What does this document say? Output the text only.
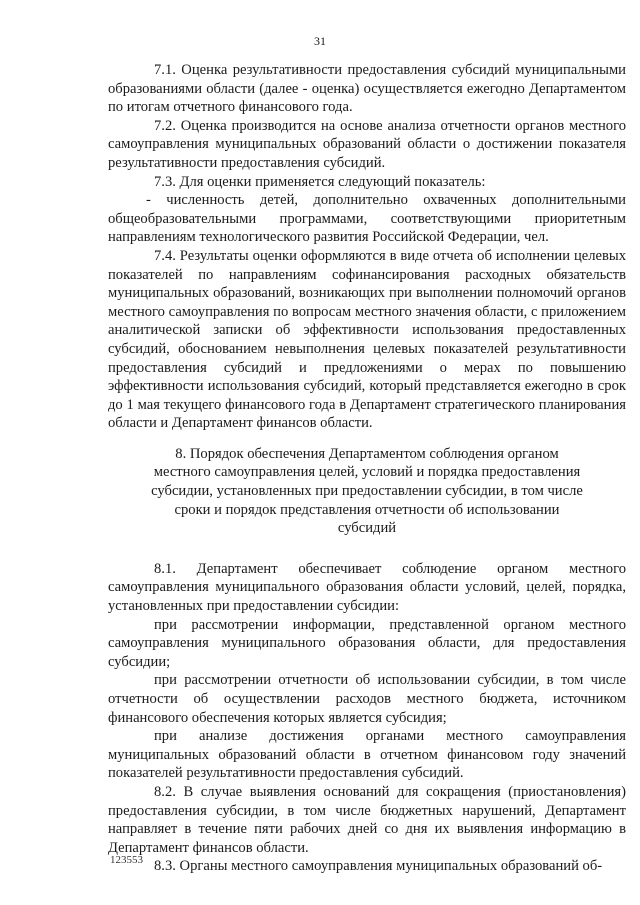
31

7.1. Оценка результативности предоставления субсидий муниципальными образованиями области (далее - оценка) осуществляется ежегодно Департаментом по итогам отчетного финансового года.

7.2. Оценка производится на основе анализа отчетности органов местного самоуправления муниципальных образований области о достижении показателя результативности предоставления субсидий.

7.3. Для оценки применяется следующий показатель:

- численность детей, дополнительно охваченных дополнительными общеобразовательными программами, соответствующими приоритетным направлениям технологического развития Российской Федерации, чел.

7.4. Результаты оценки оформляются в виде отчета об исполнении целевых показателей по направлениям софинансирования расходных обязательств муниципальных образований, возникающих при выполнении полномочий органов местного самоуправления по вопросам местного значения области, с приложением аналитической записки об эффективности использования предоставленных субсидий, обоснованием невыполнения целевых показателей результативности предоставления субсидий и предложениями о мерах по повышению эффективности использования субсидий, который представляется ежегодно в срок до 1 мая текущего финансового года в Департамент стратегического планирования области и Департамент финансов области.

8. Порядок обеспечения Департаментом соблюдения органом местного самоуправления целей, условий и порядка предоставления субсидии, установленных при предоставлении субсидии, в том числе сроки и порядок представления отчетности об использовании субсидий

8.1. Департамент обеспечивает соблюдение органом местного самоуправления муниципального образования области условий, целей, порядка, установленных при предоставлении субсидии:

при рассмотрении информации, представленной органом местного самоуправления муниципального образования области, для предоставления субсидии;

при рассмотрении отчетности об использовании субсидии, в том числе отчетности об осуществлении расходов местного бюджета, источником финансового обеспечения которых является субсидия;

при анализе достижения органами местного самоуправления муниципальных образований области в отчетном финансовом году значений показателей результативности предоставления субсидий.

8.2. В случае выявления оснований для сокращения (приостановления) предоставления субсидии, в том числе бюджетных нарушений, Департамент направляет в течение пяти рабочих дней со дня их выявления информацию в Департамент финансов области.

8.3. Органы местного самоуправления муниципальных образований об-

123553
